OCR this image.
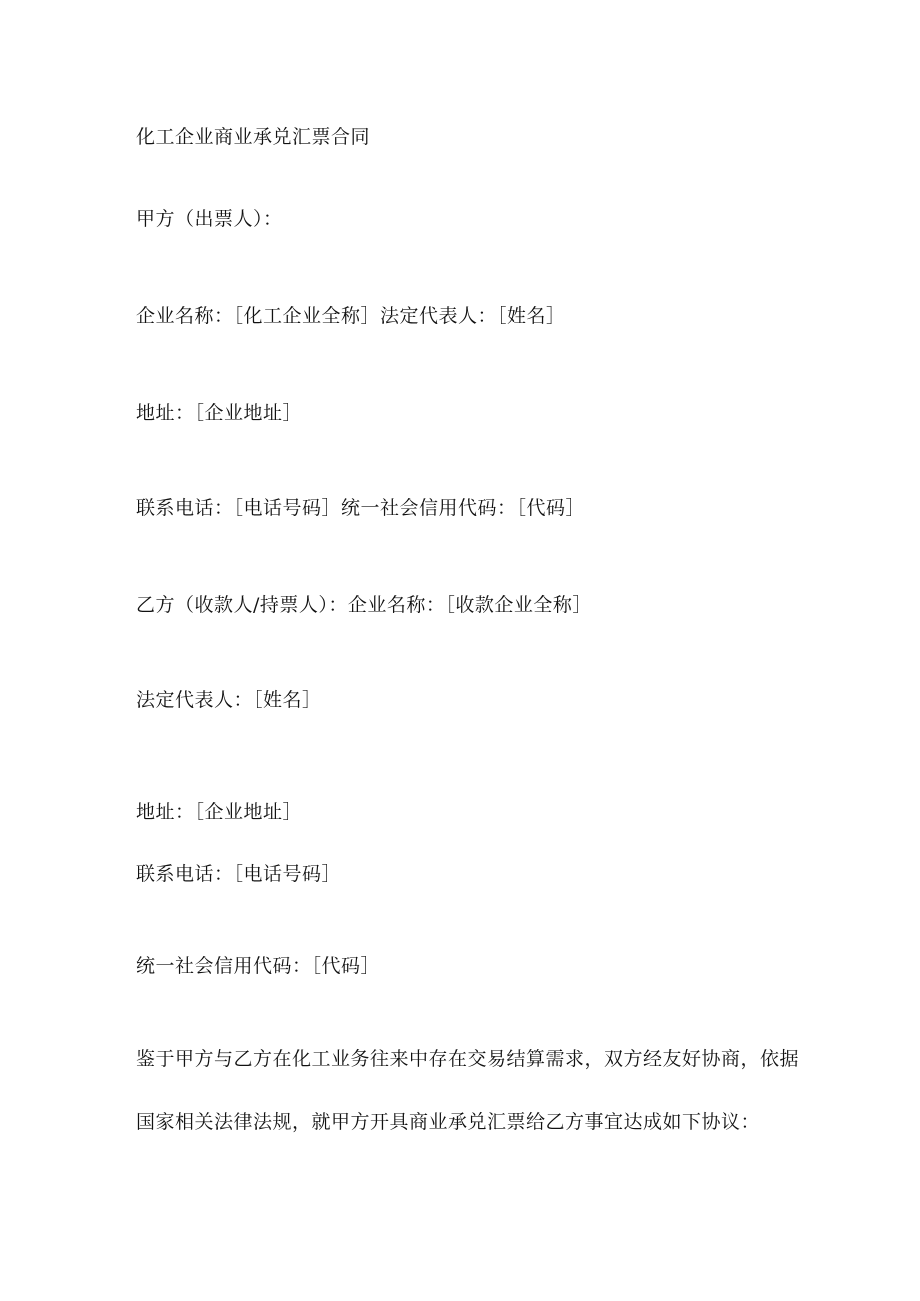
化工企业商业承兑汇票合同
甲方（出票人）：
企业名称：［化工企业全称］法定代表人：［姓名］
地址：［企业地址］
联系电话：［电话号码］统一社会信用代码：［代码］
乙方（收款人/持票人）：企业名称：［收款企业全称］
法定代表人：［姓名］
地址：［企业地址］
联系电话：［电话号码］
统一社会信用代码：［代码］
鉴于甲方与乙方在化工业务往来中存在交易结算需求，双方经友好协商，依据
国家相关法律法规，就甲方开具商业承兑汇票给乙方事宜达成如下协议：
